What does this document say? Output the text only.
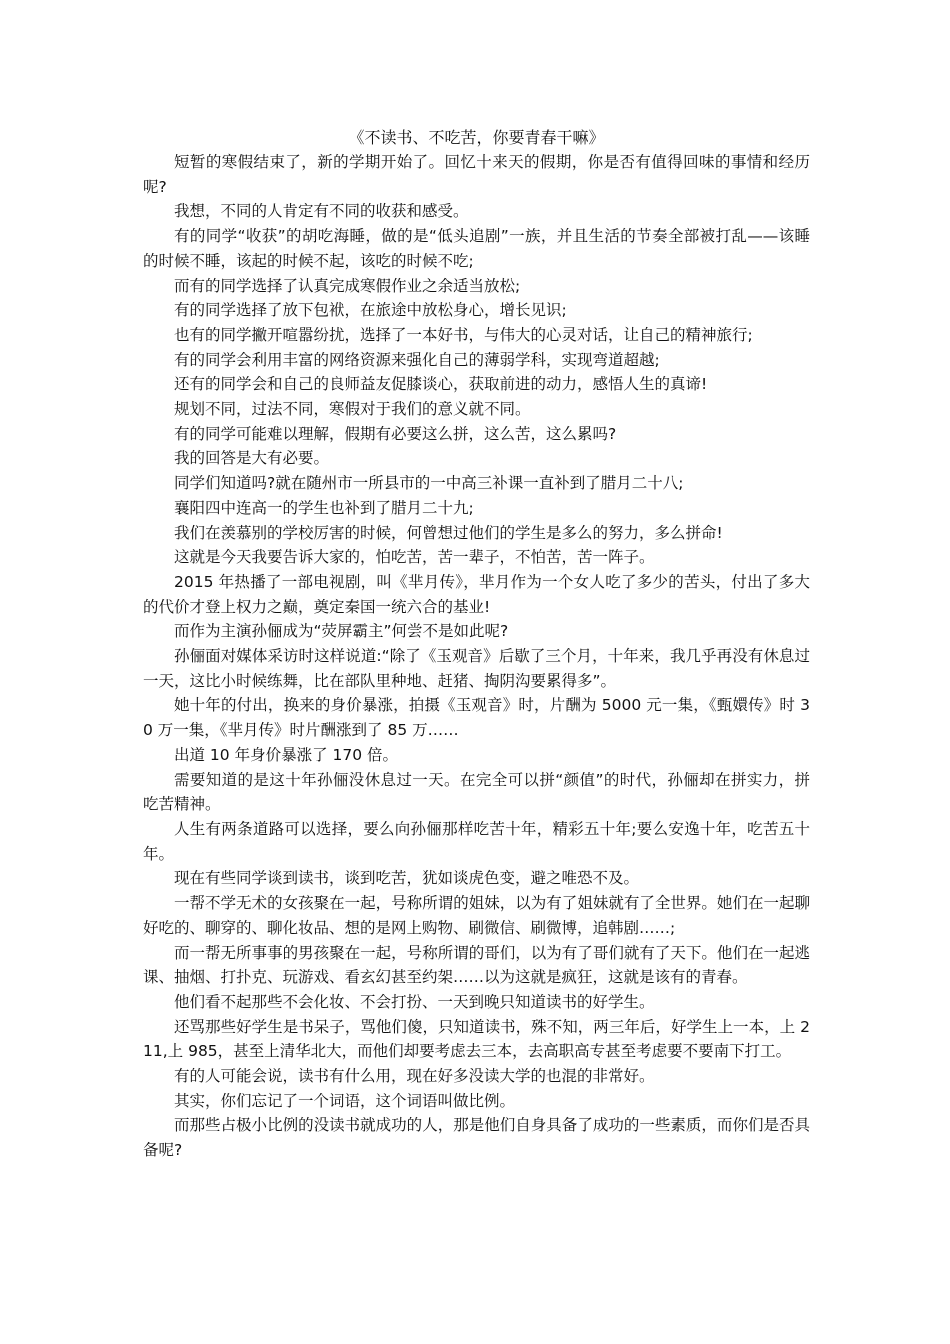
《不读书、不吃苦，你要青春干嘛》

短暂的寒假结束了，新的学期开始了。回忆十来天的假期，你是否有值得回味的事情和经历呢?

我想，不同的人肯定有不同的收获和感受。

有的同学“收获”的胡吃海睡，做的是“低头追剧”一族，并且生活的节奏全部被打乱——该睡的时候不睡，该起的时候不起，该吃的时候不吃;

而有的同学选择了认真完成寒假作业之余适当放松;

有的同学选择了放下包袱，在旅途中放松身心，增长见识;

也有的同学撇开喧嚣纷扰，选择了一本好书，与伟大的心灵对话，让自己的精神旅行;

有的同学会利用丰富的网络资源来强化自己的薄弱学科，实现弯道超越;

还有的同学会和自己的良师益友促膝谈心，获取前进的动力，感悟人生的真谛!

规划不同，过法不同，寒假对于我们的意义就不同。

有的同学可能难以理解，假期有必要这么拼，这么苦，这么累吗?

我的回答是大有必要。

同学们知道吗?就在随州市一所县市的一中高三补课一直补到了腊月二十八;

襄阳四中连高一的学生也补到了腊月二十九;

我们在羡慕别的学校厉害的时候，何曾想过他们的学生是多么的努力，多么拼命!

这就是今天我要告诉大家的，怕吃苦，苦一辈子，不怕苦，苦一阵子。

2015 年热播了一部电视剧，叫《芈月传》，芈月作为一个女人吃了多少的苦头，付出了多大的代价才登上权力之巅，奠定秦国一统六合的基业!

而作为主演孙俪成为“荧屏霸主”何尝不是如此呢?

孙俪面对媒体采访时这样说道:“除了《玉观音》后歇了三个月，十年来，我几乎再没有休息过一天，这比小时候练舞，比在部队里种地、赶猪、掏阴沟要累得多”。

她十年的付出，换来的身价暴涨，拍摄《玉观音》时，片酬为 5000 元一集，《甄嬛传》时 30 万一集，《芈月传》时片酬涨到了 85 万……

出道 10 年身价暴涨了 170 倍。

需要知道的是这十年孙俪没休息过一天。在完全可以拼“颜值”的时代，孙俪却在拼实力，拼吃苦精神。

人生有两条道路可以选择，要么向孙俪那样吃苦十年，精彩五十年;要么安逸十年，吃苦五十年。

现在有些同学谈到读书，谈到吃苦，犹如谈虎色变，避之唯恐不及。

一帮不学无术的女孩聚在一起，号称所谓的姐妹，以为有了姐妹就有了全世界。她们在一起聊好吃的、聊穿的、聊化妆品、想的是网上购物、刷微信、刷微博，追韩剧……;

而一帮无所事事的男孩聚在一起，号称所谓的哥们，以为有了哥们就有了天下。他们在一起逃课、抽烟、打扑克、玩游戏、看玄幻甚至约架……以为这就是疯狂，这就是该有的青春。

他们看不起那些不会化妆、不会打扮、一天到晚只知道读书的好学生。

还骂那些好学生是书呆子，骂他们傻，只知道读书，殊不知，两三年后，好学生上一本，上 211,上 985，甚至上清华北大，而他们却要考虑去三本，去高职高专甚至考虑要不要南下打工。

有的人可能会说，读书有什么用，现在好多没读大学的也混的非常好。

其实，你们忘记了一个词语，这个词语叫做比例。

而那些占极小比例的没读书就成功的人，那是他们自身具备了成功的一些素质，而你们是否具备呢?
